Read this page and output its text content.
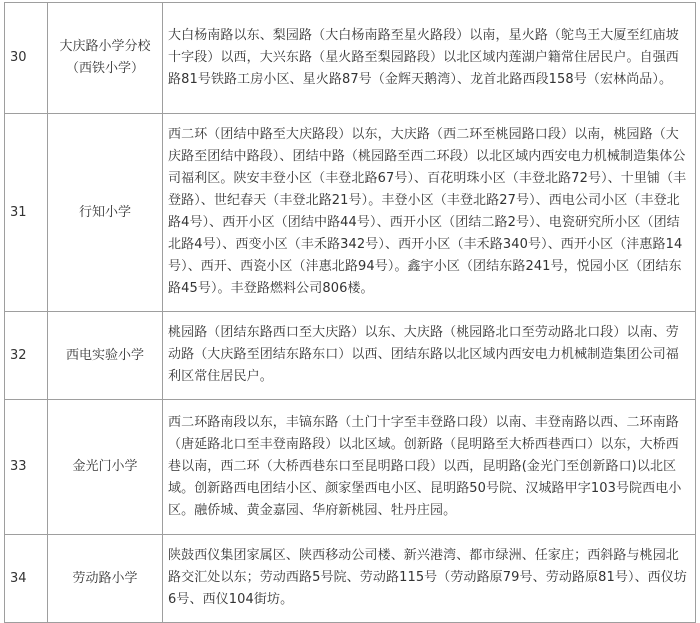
30	大庆路小学分校（西铁小学）	大白杨南路以东、梨园路（大白杨南路至星火路段）以南，星火路（鸵鸟王大厦至红庙坡十字段）以西，大兴东路（星火路至梨园路段）以北区域内莲湖户籍常住居民户。自强西路81号铁路工房小区、星火路87号（金辉天鹅湾）、龙首北路西段158号（宏林尚品）。
31	行知小学	西二环（团结中路至大庆路段）以东，大庆路（西二环至桃园路口段）以南，桃园路（大庆路至团结中路段）、团结中路（桃园路至西二环段）以北区域内西安电力机械制造集体公司福利区。陕安丰登小区（丰登北路67号）、百花明珠小区（丰登北路72号）、十里铺（丰登路）、世纪春天（丰登北路21号）。丰登小区（丰登北路27号）、西电公司小区（丰登北路4号）、西开小区（团结中路44号）、西开小区（团结二路2号）、电瓷研究所小区（团结北路4号）、西变小区（丰禾路342号）、西开小区（丰禾路340号）、西开小区（沣惠路14号）、西开、西瓷小区（沣惠北路94号）。鑫宇小区（团结东路241号，悦园小区（团结东路45号）。丰登路燃料公司806楼。
32	西电实验小学	桃园路（团结东路西口至大庆路）以东、大庆路（桃园路北口至劳动路北口段）以南、劳动路（大庆路至团结东路东口）以西、团结东路以北区域内西安电力机械制造集团公司福利区常住居民户。
33	金光门小学	西二环路南段以东，丰镐东路（土门十字至丰登路口段）以南、丰登南路以西、二环南路（唐延路北口至丰登南路段）以北区域。创新路（昆明路至大桥西巷西口）以东，大桥西巷以南，西二环（大桥西巷东口至昆明路口段）以西，昆明路(金光门至创新路口)以北区域。创新路西电团结小区、颜家堡西电小区、昆明路50号院、汉城路甲字103号院西电小区。融侨城、黄金嘉园、华府新桃园、牡丹庄园。
34	劳动路小学	陕鼓西仪集团家属区、陕西移动公司楼、新兴港湾、都市绿洲、任家庄；西斜路与桃园北路交汇处以东；劳动西路5号院、劳动路115号（劳动路原79号、劳动路原81号）、西仪坊6号、西仪104街坊。
